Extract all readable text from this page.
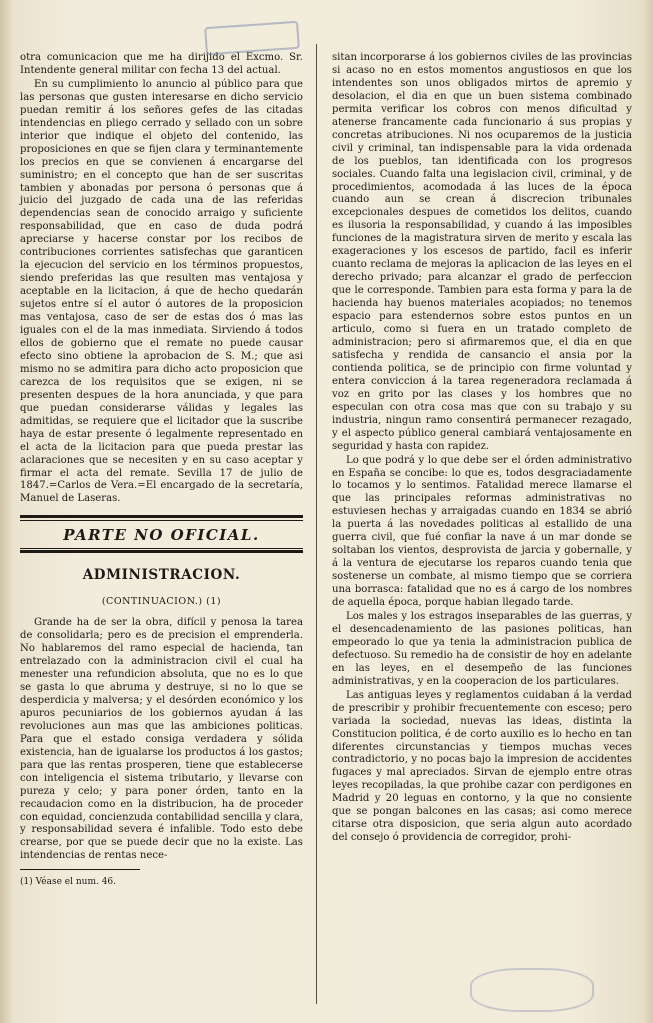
otra comunicacion que me ha dirijido el Excmo. Sr. Intendente general militar con fecha 13 del actual.

En su cumplimiento lo anuncio al público para que las personas que gusten interesarse en dicho servicio puedan remitir á los señores gefes de las citadas intendencias en pliego cerrado y sellado con un sobre interior que indique el objeto del contenido, las proposiciones en que se fijen clara y terminantemente los precios en que se convienen á encargarse del suministro; en el concepto que han de ser suscritas tambien y abonadas por persona ó personas que á juicio del juzgado de cada una de las referidas dependencias sean de conocido arraigo y suficiente responsabilidad, que en caso de duda podrá apreciarse y hacerse constar por los recibos de contribuciones corrientes satisfechas que garanticen la ejecucion del servicio en los términos propuestos, siendo preferidas las que resulten mas ventajosa y aceptable en la licitacion, á que de hecho quedarán sujetos entre sí el autor ó autores de la proposicion mas ventajosa, caso de ser de estas dos ó mas las iguales con el de la mas inmediata. Sirviendo á todos ellos de gobierno que el remate no puede causar efecto sino obtiene la aprobacion de S. M.; que asi mismo no se admitira para dicho acto proposicion que carezca de los requisitos que se exigen, ni se presenten despues de la hora anunciada, y que para que puedan considerarse válidas y legales las admitidas, se requiere que el licitador que la suscribe haya de estar presente ó legalmente representado en el acta de la licitacion para que pueda prestar las aclaraciones que se necesiten y en su caso aceptar y firmar el acta del remate. Sevilla 17 de julio de 1847.=Carlos de Vera.=El encargado de la secretaría, Manuel de Laseras.

PARTE NO OFICIAL.
ADMINISTRACION.
(CONTINUACION.) (1)

Grande ha de ser la obra, difícil y penosa la tarea de consolidarla; pero es de precision el emprenderla. No hablaremos del ramo especial de hacienda, tan entrelazado con la administracion civil el cual ha menester una refundicion absoluta, que no es lo que se gasta lo que abruma y destruye, si no lo que se desperdicia y malversa; y el desórden económico y los apuros pecuniarios de los gobiernos ayudan á las revoluciones aun mas que las ambiciones politicas. Para que el estado consiga verdadera y sólida existencia, han de igualarse los productos á los gastos; para que las rentas prosperen, tiene que establecerse con inteligencia el sistema tributario, y llevarse con pureza y celo; y para poner órden, tanto en la recaudacion como en la distribucion, ha de proceder con equidad, concienzuda contabilidad sencilla y clara, y responsabilidad severa é infalible. Todo esto debe crearse, por que se puede decir que no la existe. Las intendencias de rentas nece-

(1) Véase el num. 46.

sitan incorporarse á los gobiernos civiles de las provincias si acaso no en estos momentos angustiosos en que los intendentes son unos obligados mirtos de apremio y desolacion, el dia en que un buen sistema combinado permita verificar los cobros con menos dificultad y atenerse francamente cada funcionario á sus propias y concretas atribuciones. Ni nos ocuparemos de la justicia civil y criminal, tan indispensable para la vida ordenada de los pueblos, tan identificada con los progresos sociales. Cuando falta una legislacion civil, criminal, y de procedimientos, acomodada á las luces de la época cuando aun se crean á discrecion tribunales excepcionales despues de cometidos los delitos, cuando es ilusoria la responsabilidad, y cuando á las imposibles funciones de la magistratura sirven de merito y escala las exageraciones y los escesos de partido, facil es inferir cuanto reclama de mejoras la aplicacion de las leyes en el derecho privado; para alcanzar el grado de perfeccion que le corresponde. Tambien para esta forma y para la de hacienda hay buenos materiales acopiados; no tenemos espacio para estendernos sobre estos puntos en un articulo, como si fuera en un tratado completo de administracion; pero si afirmaremos que, el dia en que satisfecha y rendida de cansancio el ansia por la contienda politica, se de principio con firme voluntad y entera conviccion á la tarea regeneradora reclamada á voz en grito por las clases y los hombres que no especulan con otra cosa mas que con su trabajo y su industria, ningun ramo consentirá permanecer rezagado, y el aspecto público general cambiará ventajosamente en seguridad y hasta con rapidez.

Lo que podrá y lo que debe ser el órden administrativo en España se concibe: lo que es, todos desgraciadamente lo tocamos y lo sentimos. Fatalidad merece llamarse el que las principales reformas administrativas no estuviesen hechas y arraigadas cuando en 1834 se abrió la puerta á las novedades politicas al estallido de una guerra civil, que fué confiar la nave á un mar donde se soltaban los vientos, desprovista de jarcia y gobernalle, y á la ventura de ejecutarse los reparos cuando tenia que sostenerse un combate, al mismo tiempo que se corriera una borrasca: fatalidad que no es á cargo de los nombres de aquella época, porque habian llegado tarde.

Los males y los estragos inseparables de las guerras, y el desencadenamiento de las pasiones politicas, han empeorado lo que ya tenia la administracion publica de defectuoso. Su remedio ha de consistir de hoy en adelante en las leyes, en el desempeño de las funciones administrativas, y en la cooperacion de los particulares.

Las antiguas leyes y reglamentos cuidaban á la verdad de prescribir y prohibir frecuentemente con esceso; pero variada la sociedad, nuevas las ideas, distinta la Constitucion politica, é de corto auxilio es lo hecho en tan diferentes circunstancias y tiempos muchas veces contradictorio, y no pocas bajo la impresion de accidentes fugaces y mal apreciados. Sirvan de ejemplo entre otras leyes recopiladas, la que prohibe cazar con perdigones en Madrid y 20 leguas en contorno, y la que no consiente que se pongan balcones en las casas; asi como merece citarse otra disposicion, que seria algun auto acordado del consejo ó providencia de corregidor, prohi-
